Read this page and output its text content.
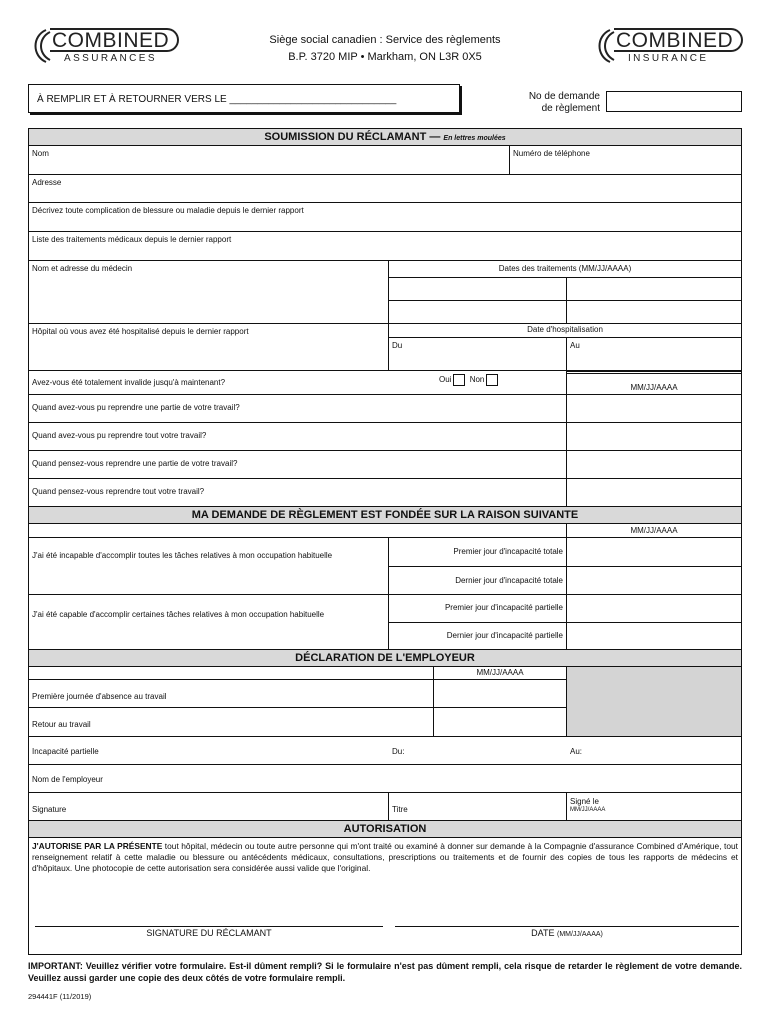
COMBINED
ASSURANCES
Siège social canadien : Service des règlements
B.P. 3720 MIP • Markham, ON L3R 0X5
COMBINED
INSURANCE
À REMPLIR ET À RETOURNER VERS LE ______________________________	No de demande
de règlement
SOUMISSION DU RÉCLAMANT — En lettres moulées
Nom	Numéro de téléphone
Adresse
Décrivez toute complication de blessure ou maladie depuis le dernier rapport
Liste des traitements médicaux depuis le dernier rapport
Nom et adresse du médecin	Dates des traitements (MM/JJ/AAAA)
Hôpital où vous avez été hospitalisé depuis le dernier rapport	Date d'hospitalisation
Du	Au
Avez-vous été totalement invalide jusqu'à maintenant?	Oui Non
MM/JJ/AAAA
Quand avez-vous pu reprendre une partie de votre travail?
Quand avez-vous pu reprendre tout votre travail?
Quand pensez-vous reprendre une partie de votre travail?
Quand pensez-vous reprendre tout votre travail?
MA DEMANDE DE RÈGLEMENT EST FONDÉE SUR LA RAISON SUIVANTE
MM/JJ/AAAA
J'ai été incapable d'accomplir toutes les tâches relatives à mon occupation habituelle	Premier jour d'incapacité totale
Dernier jour d'incapacité totale
J'ai été capable d'accomplir certaines tâches relatives à mon occupation habituelle
Premier jour d'incapacité partielle
Dernier jour d'incapacité partielle
DÉCLARATION DE L'EMPLOYEUR
MM/JJ/AAAA
Première journée d'absence au travail
Retour au travail
Incapacité partielle	Du:	Au:
Nom de l'employeur
Signature	Titre
Signé le
MM/JJ/AAAA
AUTORISATION
J'AUTORISE PAR LA PRÉSENTE tout hôpital, médecin ou toute autre personne qui m'ont traité ou examiné à donner sur demande à la Compagnie d'assurance Combined d'Amérique, tout renseignement relatif à cette maladie ou blessure ou antécédents médicaux, consultations, prescriptions ou traitements et de fournir des copies de tous les rapports de médecins et d'hôpitaux. Une photocopie de cette autorisation sera considérée aussi valide que l'original.
SIGNATURE DU RÉCLAMANT	DATE (MM/JJ/AAAA)
IMPORTANT: Veuillez vérifier votre formulaire. Est-il dûment rempli? Si le formulaire n'est pas dûment rempli, cela risque de retarder le règlement de votre demande. Veuillez aussi garder une copie des deux côtés de votre formulaire rempli.
294441F (11/2019)
